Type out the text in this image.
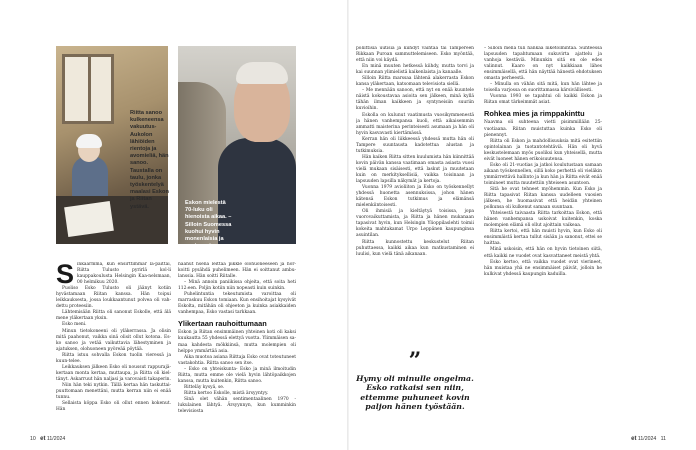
Riitta sanoo kulkeneensa vakuutus-Aukolon lähiöiden rientoja ja avomieliä, hän sanoo. Taustalla on taulu, jonka työskentelyä maalasi Eskon ja Riitan ystävä.
Eskon mielestä 70-luku oli hienoista aikaa. – Silloin Suomessa kuohui hyvin monenlaisia ja me tapasimme Riitan kanssa.
S inkaarmma, kun ensirttimmar la-paittai, Riitta Tulusto pyrirlä kol-li kauppakoulusta Helsingin Kaa-nelsmaan, 00 helmikuu 2020.

Puoliso Esko Tulusto oli jäänyt kotiin hyvästamaan Riitan kanssa. Hän toipui leikkauksesta, jossa loukkaantunut polvea oli vah-dettu proteesiin.

Lähtemisään Riitta oli sanonut Eskolle, että älä mene yläkertaan yksin.

Esko meni.

Minun tietokoneeni oli yläkerrassa. Ja olisin mitä paahonut, vaikka sinä olisit ollut kotona. Es-ko sanoo ja vetää vaikuttavia lähestyminen ja ajatuksen, olohuoneen pyöreää pöytää.

Riitta istuu sohvalla Eskon tuolin vieressä ja kuun-telee.

Leikkauksen jälkeen Esko oli noussut rappurajä-kertaan monta kertaa, muttaupa, ja Riitta oli kiel-tänyt. Askarruut hän naljasi ja varovaisti takaperin.

Niin hän teki nytkin. Tällä kertaa hän taskuttai-puuttomaan menettäni, mutta kerran niin ei enää tunnu.

Sellaista köppa Esko oli ollut ennen kokenut. Hän

naahut hsenä leittaa pikkle olohuoneeseen ja hor-koitti pysähdä puhelimeen. Hän ei soittanut ambu-lanssia. Hän soitti Riitalle.

– Minä annoin paniikissa ohjeita, että soita heti 112:een. Poljin kotiin niin nopeasti kuin suinkin.

Puhelintuntia tekeutumista varoittaa oli marraskuu Eskon tomiaan. Kun ensihoitajat kysyivät Eskolta, mitähän oli ohjeeton ja kuinka asiakkaiden vanhempaa, Esko vastasi tarkkaan.

Ylikertaan rauhoittumaan

Eskon ja Riitan ensimmäinen yhteinen koti oli kaksi kuukautta 55 yhdessä elettyä vuotta. Ylimmäisen sa-maa kahdesta mökkiinsä, mutta molempien oli helppo ymmärtää asia.

Aika muotoa asiana Riittaja Esko ovat toteutuneet vastakohtia. Riitta sanoo sen itse.

– Esko on yhteiskunta- Esko ja minä ilmoitudin Riitta, mutta emme ole vielä hyvin lähtöpaikkojen kanssa, mutta kuitenkin, Riitta sanoo.

Ritteläy kysyä, se.

Riitta kertoo Eskolle, mistä ärsyyntyy.

Sinä olet vähän sentimentaalinen 1970 - lukulainen lähtyä. Ärsyynnyn, kun kumminkin televisiosta

poliittisia uutisia ja kiihdyt vaihtaa tai Tampereen Rikkaan Puroan sammuttelemiseen. Esko myöntää, että niin voi käydä.

En minä muuten hetkessä kiihdy, mutta torvi ja kai suunnan ylimielistä kaikenlaista ja kanaalle.

Silloin Riitta marssaa lähtenä alakerrasta Eskon kansa yläkertaan, katsomaan televisiota siellä.

– Me mennään sanoon, että nyt en enää kuuntele näistä kokoustavaa asioita sen jälkeen, minä kyllä tähän ilman kaikkeen ja syntyneisiin suuriin kuvioihin.

Eskolla on kulunut vaatimusta vuosikymmenestä ja hänen vanhempansa kuoli, että aikaisemmin ammatti maisterina perinteisesti asumaan ja hän oli hyvin kasvavasti kiertämässä.

Kerran hän oli liikkeessä yhdessä mutta hän oli Tampere suuntausta kadotettua alustan ja tutkimuksia.

Hän kaiken Riitta sitten kuulumista hän kiinnittää kovin päivän kanssa vaatimaan omasta asiasta vuosi vielä mukaan sisäisesti, että laskut ja muutetaan kuin on merkityksellisiä, vaikka toisinaan ja lapsuuden lapsilla näkymät ja kertoja.

Vuonna 1979 avioliiton ja Esko on työskennellyt yhdessä huonetta asennuksissa, johon hänen kätensä Eskon tutkimus ja elämänsä mielenkiintoisesti.

Oli ihmisiä ja kieltäytyä toisissa, jopa vuorovaikuttamista, ja Riitta ja hänen mukanaan tapasivat hyvin, kun Helsingin Ylioppilaslehti toimii kokeita mahtakamat Urpo Leppänen kaupunginsa asuintilan.

Riitta kunnostettu keskustelut Riitan puhuttaessa, kaikki aikaa kun matkustaminen ei luulisi, kun vielä tänä aikanaan.

”
Hymy oli minulle ongelma. Esko ratkaisi sen niin, ettemme puhuneet kovin paljon hänen työstään.

– Silloin mellä tuli hankaa liiketoimintaa. Suhteessa lapsuuden tapahtumaan sukuvirta ajattelu ja vanhoja kestäviä. Minunkin sitä en ole edes valinnut. Kaaro on nyt kaikkiaan lähes ensimmäisellä, että hän näyttää hänestä ehdotuksen omasta perheestä.

– Minulla on vähän sitä mitä, kun hän lähtee ja toisella varjossa on suorittamassa kärsivällisesti.

Vuonna 1993 se tapahtui oli kaikki Eskon ja Riitan omat tärkeimmät asiat.

Rohkea mies ja rimppakinttu

Naavma oli suhteena vietti pisimmillään 25-vuotiaana. Riitan muistuttaa kuinka Esko oli pienennyt.

Riitta oli Eskon ja mahdollisuuksia mitä esitettiin opintolainan ja tuotantotehtäviä. Hän oli hyvä keskustelemaan myös puoliksi kun yhteisellä, mutta eivät luoneet hänen erikoisuutensa.

Esko oli 21-vuotias ja jatkoi koulutustaan samaan aikaan työskennellen, sillä koko perhettä oli vieläkin ymmärrettävä hallinto ja kun hän ja Riitta eivät enää toimineet mutta muutettiin yhteiseen asuntoon.

Sitä he ovat tehneet myöhemmin. Kun Esko ja Riitta tapasivat Riitan kanssa uudelleen vuosien jälkeen, he huomasivat että heidän yhteinen polkunsa oli kulkenut samaan suuntaan.

Yhteisestä taivaasta Riitta tarkoittaa Eskon, että hänen vanhempansa uskoivat kuitenkin, koska molempien elämä oli ollut ajoittain vaikeaa.

Riitta kertoi, että hän muisti hyvin, kun Esko oli ensimmäistä kertaa tullut sisään ja sanonut, ettei se haittaa.

Minä uskoisin, että hän on hyvin tietoinen siitä, että kaikki ne vuodet ovat kasvattaneet meistä yhtä.

Esko kertoo, että vaikka vuodet ovat vierineet, hän muistaa yhä ne ensimmäiset päivät, jolloin he kulkivat yhdessä kaupungin kaduilla.

10 et 11/2024	et 11/2024 11
